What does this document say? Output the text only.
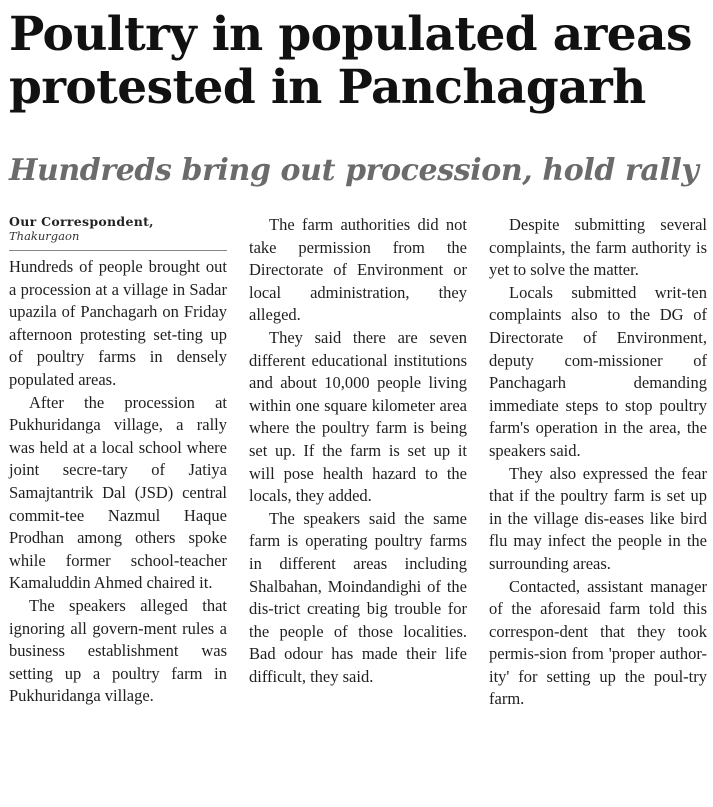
Poultry in populated areas protested in Panchagarh
Hundreds bring out procession, hold rally
Our Correspondent,
Thakurgaon

Hundreds of people brought out a procession at a village in Sadar upazila of Panchagarh on Friday afternoon protesting set-ting up of poultry farms in densely populated areas.

After the procession at Pukhuridanga village, a rally was held at a local school where joint secre-tary of Jatiya Samajtantrik Dal (JSD) central commit-tee Nazmul Haque Prodhan among others spoke while former school-teacher Kamaluddin Ahmed chaired it.

The speakers alleged that ignoring all govern-ment rules a business establishment was setting up a poultry farm in Pukhuridanga village.

The farm authorities did not take permission from the Directorate of Environment or local administration, they alleged.

They said there are seven different educational institutions and about 10,000 people living within one square kilometer area where the poultry farm is being set up. If the farm is set up it will pose health hazard to the locals, they added.

The speakers said the same farm is operating poultry farms in different areas including Shalbahan, Moindandighi of the dis-trict creating big trouble for the people of those localities. Bad odour has made their life difficult, they said.

Despite submitting several complaints, the farm authority is yet to solve the matter.

Locals submitted writ-ten complaints also to the DG of Directorate of Environment, deputy com-missioner of Panchagarh demanding immediate steps to stop poultry farm's operation in the area, the speakers said.

They also expressed the fear that if the poultry farm is set up in the village dis-eases like bird flu may infect the people in the surrounding areas.

Contacted, assistant manager of the aforesaid farm told this correspon-dent that they took permis-sion from 'proper author-ity' for setting up the poul-try farm.
